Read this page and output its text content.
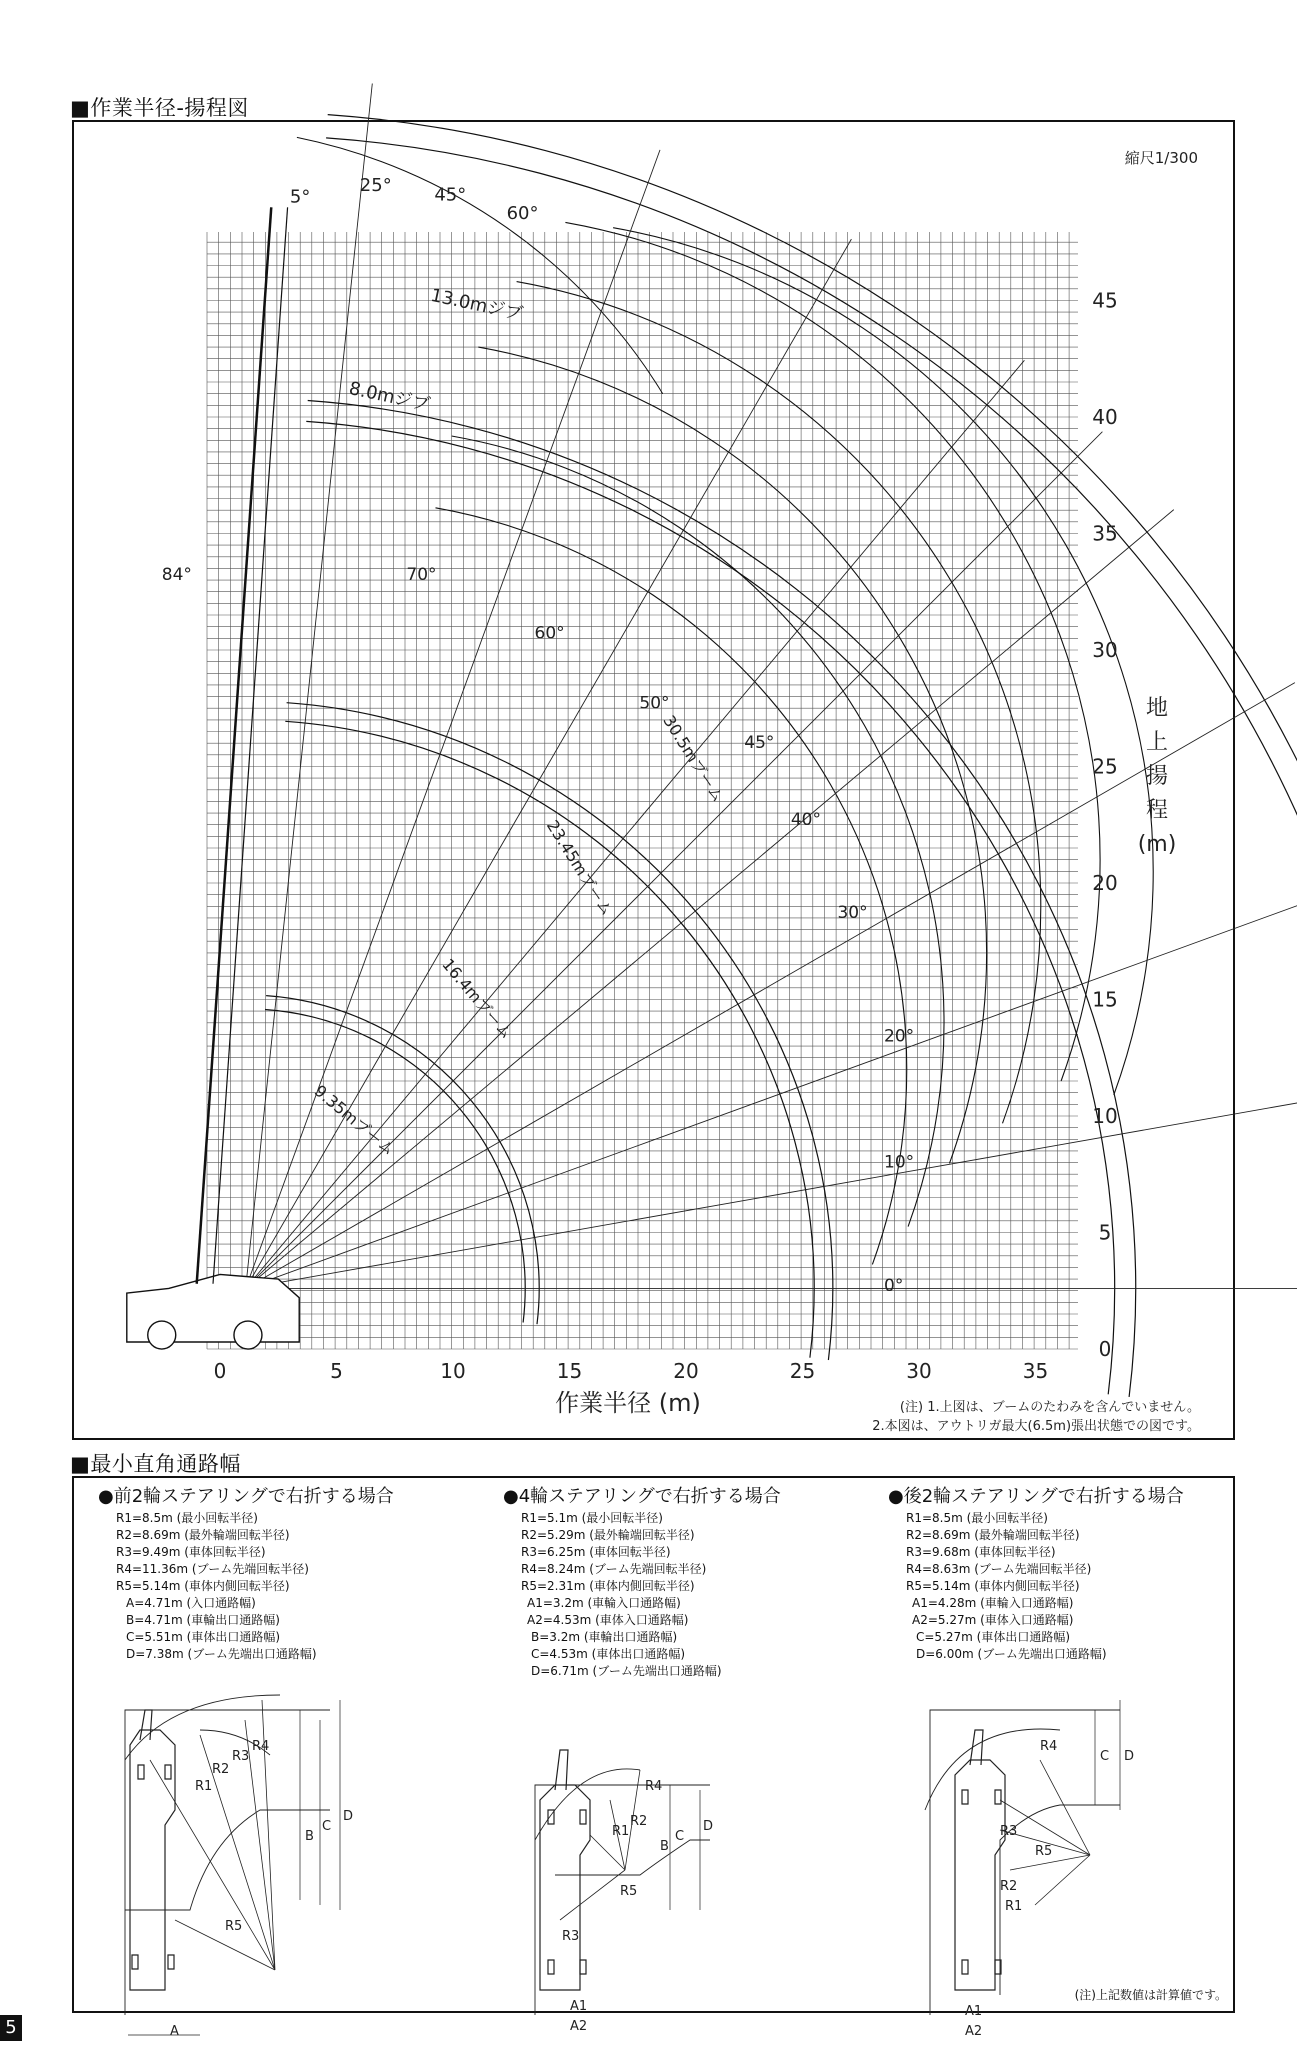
■作業半径-揚程図
縮尺1/300
0	5	10	15	20	25	30	35
0
5
10
15
20
25
30
35
40
45
作業半径 (m)
地
上
揚
程
(m)
0°
10°
20°
30°
40°
45°
50°
60°
70°
84°
5°
25° 45°
60°
9.35mブーム
16.4mブーム
23.45mブーム
30.5mブーム
8.0mジブ
13.0mジブ
(注) 1.上図は、ブームのたわみを含んでいません。
2.本図は、アウトリガ最大(6.5m)張出状態での図です。
■最小直角通路幅
●前2輪ステアリングで右折する場合
R1=8.5m (最小回転半径)
R2=8.69m (最外輪端回転半径)
R3=9.49m (車体回転半径)
R4=11.36m (ブーム先端回転半径)
R5=5.14m (車体内側回転半径)
A=4.71m (入口通路幅)
B=4.71m (車輪出口通路幅)
C=5.51m (車体出口通路幅)
D=7.38m (ブーム先端出口通路幅)
●4輪ステアリングで右折する場合
R1=5.1m (最小回転半径)
R2=5.29m (最外輪端回転半径)
R3=6.25m (車体回転半径)
R4=8.24m (ブーム先端回転半径)
R5=2.31m (車体内側回転半径)
A1=3.2m (車輪入口通路幅)
A2=4.53m (車体入口通路幅)
B=3.2m (車輪出口通路幅)
C=4.53m (車体出口通路幅)
D=6.71m (ブーム先端出口通路幅)
●後2輪ステアリングで右折する場合
R1=8.5m (最小回転半径)
R2=8.69m (最外輪端回転半径)
R3=9.68m (車体回転半径)
R4=8.63m (ブーム先端回転半径)
R5=5.14m (車体内側回転半径)
A1=4.28m (車輪入口通路幅)
A2=5.27m (車体入口通路幅)
C=5.27m (車体出口通路幅)
D=6.00m (ブーム先端出口通路幅)
A
B
C
D
R1
R2
R3
R4
R5
A1
A2
B
C
D
R1
R2
R3
R4
R5
A1
A2
C D
R1
R2
R3
R4
R5
(注)上記数値は計算値です。
5
